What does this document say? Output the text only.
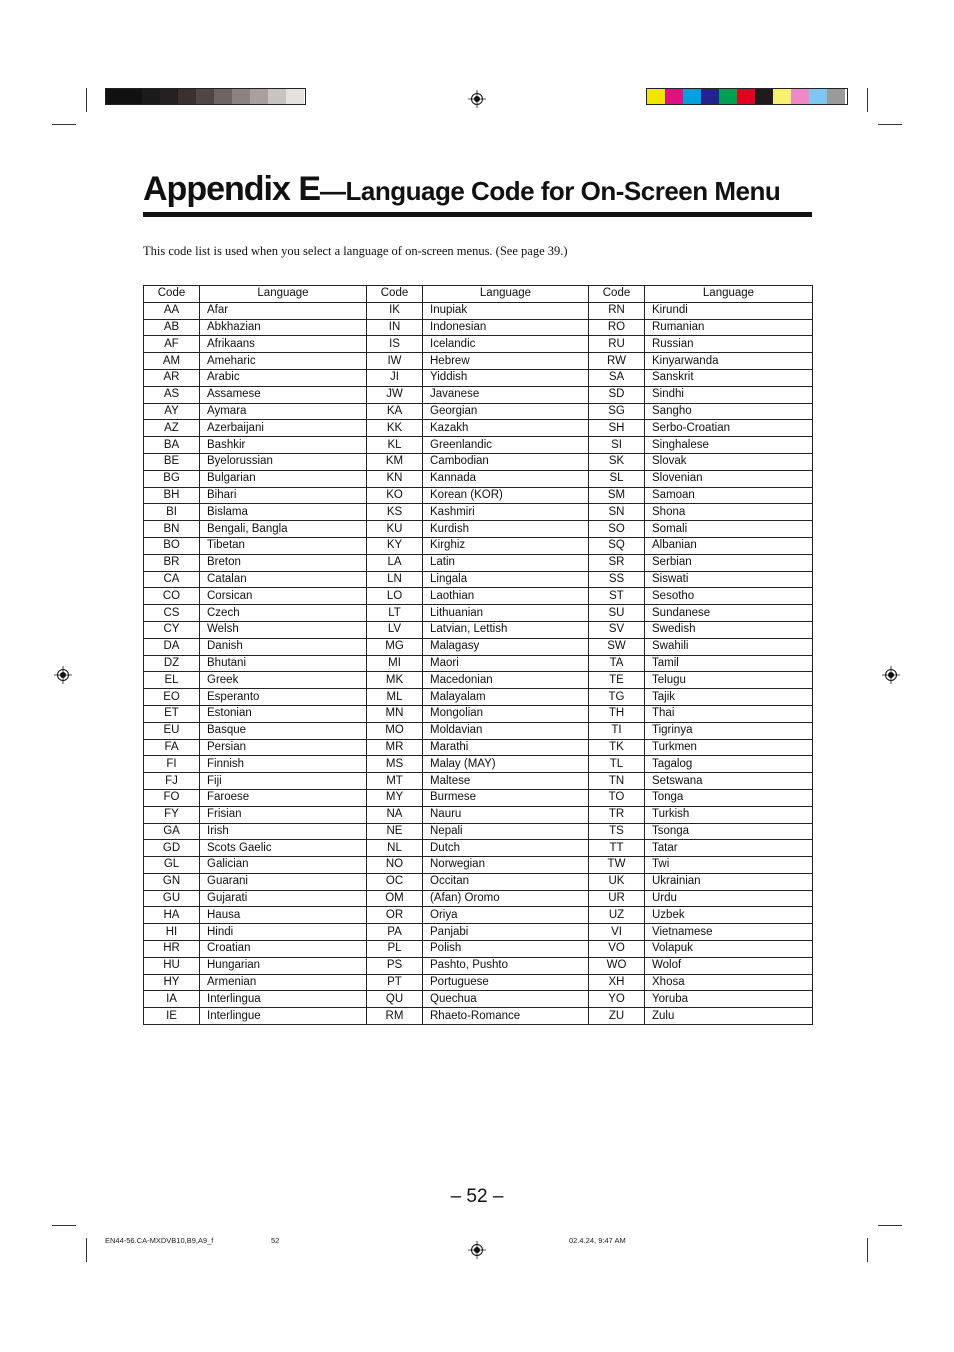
Appendix E—Language Code for On-Screen Menu
This code list is used when you select a language of on-screen menus. (See page 39.)
Code	Language	Code	Language	Code	Language
AA	Afar	IK	Inupiak	RN	Kirundi
AB	Abkhazian	IN	Indonesian	RO	Rumanian
AF	Afrikaans	IS	Icelandic	RU	Russian
AM	Ameharic	IW	Hebrew	RW	Kinyarwanda
AR	Arabic	JI	Yiddish	SA	Sanskrit
AS	Assamese	JW	Javanese	SD	Sindhi
AY	Aymara	KA	Georgian	SG	Sangho
AZ	Azerbaijani	KK	Kazakh	SH	Serbo-Croatian
BA	Bashkir	KL	Greenlandic	SI	Singhalese
BE	Byelorussian	KM	Cambodian	SK	Slovak
BG	Bulgarian	KN	Kannada	SL	Slovenian
BH	Bihari	KO	Korean (KOR)	SM	Samoan
BI	Bislama	KS	Kashmiri	SN	Shona
BN	Bengali, Bangla	KU	Kurdish	SO	Somali
BO	Tibetan	KY	Kirghiz	SQ	Albanian
BR	Breton	LA	Latin	SR	Serbian
CA	Catalan	LN	Lingala	SS	Siswati
CO	Corsican	LO	Laothian	ST	Sesotho
CS	Czech	LT	Lithuanian	SU	Sundanese
CY	Welsh	LV	Latvian, Lettish	SV	Swedish
DA	Danish	MG	Malagasy	SW	Swahili
DZ	Bhutani	MI	Maori	TA	Tamil
EL	Greek	MK	Macedonian	TE	Telugu
EO	Esperanto	ML	Malayalam	TG	Tajik
ET	Estonian	MN	Mongolian	TH	Thai
EU	Basque	MO	Moldavian	TI	Tigrinya
FA	Persian	MR	Marathi	TK	Turkmen
FI	Finnish	MS	Malay (MAY)	TL	Tagalog
FJ	Fiji	MT	Maltese	TN	Setswana
FO	Faroese	MY	Burmese	TO	Tonga
FY	Frisian	NA	Nauru	TR	Turkish
GA	Irish	NE	Nepali	TS	Tsonga
GD	Scots Gaelic	NL	Dutch	TT	Tatar
GL	Galician	NO	Norwegian	TW	Twi
GN	Guarani	OC	Occitan	UK	Ukrainian
GU	Gujarati	OM	(Afan) Oromo	UR	Urdu
HA	Hausa	OR	Oriya	UZ	Uzbek
HI	Hindi	PA	Panjabi	VI	Vietnamese
HR	Croatian	PL	Polish	VO	Volapuk
HU	Hungarian	PS	Pashto, Pushto	WO	Wolof
HY	Armenian	PT	Portuguese	XH	Xhosa
IA	Interlingua	QU	Quechua	YO	Yoruba
IE	Interlingue	RM	Rhaeto-Romance	ZU	Zulu
– 52 –
EN44-56.CA-MXDVB10,B9,A9_f	52	02.4.24, 9:47 AM
